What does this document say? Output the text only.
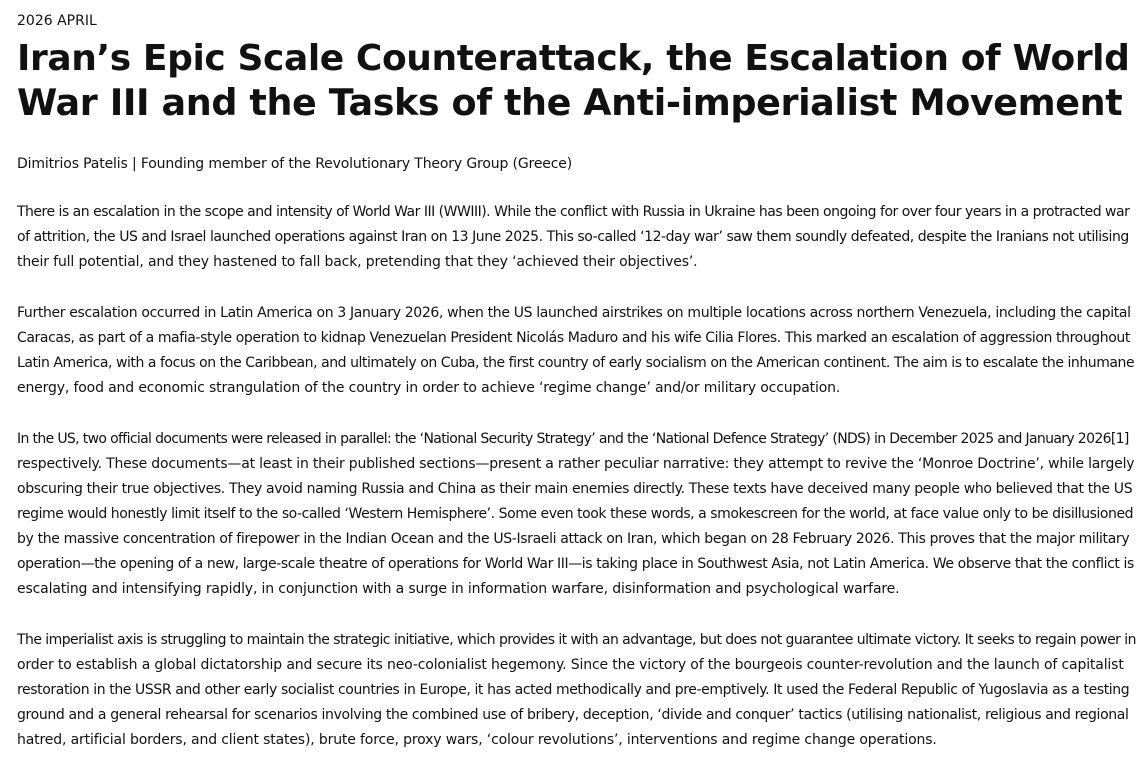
2026 APRIL

Iran’s Epic Scale Counterattack, the Escalation of World
War III and the Tasks of the Anti-imperialist Movement

Dimitrios Patelis | Founding member of the Revolutionary Theory Group (Greece)

There is an escalation in the scope and intensity of World War III (WWIII). While the conflict with Russia in Ukraine has been ongoing for over four years in a protracted war
of attrition, the US and Israel launched operations against Iran on 13 June 2025. This so-called ‘12-day war’ saw them soundly defeated, despite the Iranians not utilising
their full potential, and they hastened to fall back, pretending that they ‘achieved their objectives’.

Further escalation occurred in Latin America on 3 January 2026, when the US launched airstrikes on multiple locations across northern Venezuela, including the capital
Caracas, as part of a mafia-style operation to kidnap Venezuelan President Nicolás Maduro and his wife Cilia Flores. This marked an escalation of aggression throughout
Latin America, with a focus on the Caribbean, and ultimately on Cuba, the first country of early socialism on the American continent. The aim is to escalate the inhumane
energy, food and economic strangulation of the country in order to achieve ‘regime change’ and/or military occupation.

In the US, two official documents were released in parallel: the ‘National Security Strategy’ and the ‘National Defence Strategy’ (NDS) in December 2025 and January 2026[1]
respectively. These documents—at least in their published sections—present a rather peculiar narrative: they attempt to revive the ‘Monroe Doctrine’, while largely
obscuring their true objectives. They avoid naming Russia and China as their main enemies directly. These texts have deceived many people who believed that the US
regime would honestly limit itself to the so-called ‘Western Hemisphere’. Some even took these words, a smokescreen for the world, at face value only to be disillusioned
by the massive concentration of firepower in the Indian Ocean and the US-Israeli attack on Iran, which began on 28 February 2026. This proves that the major military
operation—the opening of a new, large-scale theatre of operations for World War III—is taking place in Southwest Asia, not Latin America. We observe that the conflict is
escalating and intensifying rapidly, in conjunction with a surge in information warfare, disinformation and psychological warfare.

The imperialist axis is struggling to maintain the strategic initiative, which provides it with an advantage, but does not guarantee ultimate victory. It seeks to regain power in
order to establish a global dictatorship and secure its neo-colonialist hegemony. Since the victory of the bourgeois counter-revolution and the launch of capitalist
restoration in the USSR and other early socialist countries in Europe, it has acted methodically and pre-emptively. It used the Federal Republic of Yugoslavia as a testing
ground and a general rehearsal for scenarios involving the combined use of bribery, deception, ‘divide and conquer’ tactics (utilising nationalist, religious and regional
hatred, artificial borders, and client states), brute force, proxy wars, ‘colour revolutions’, interventions and regime change operations.
